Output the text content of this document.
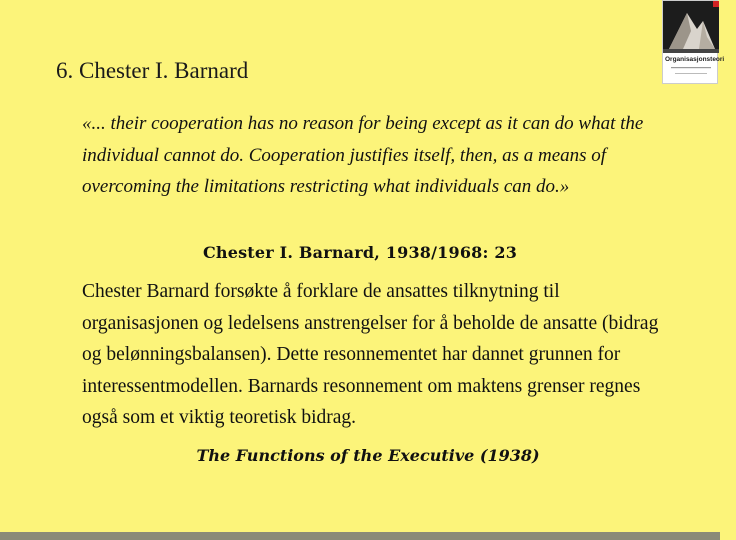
6. Chester I. Barnard

«... their cooperation has no reason for being except as it can do what the individual cannot do. Cooperation justifies itself, then, as a means of overcoming the limitations restricting what individuals can do.»

Chester I. Barnard, 1938/1968: 23

Chester Barnard forsøkte å forklare de ansattes tilknytning til organisasjonen og ledelsens anstrengelser for å beholde de ansatte (bidrag og belønningsbalansen). Dette resonnementet har dannet grunnen for interessentmodellen. Barnards resonnement om maktens grenser regnes også som et viktig teoretisk bidrag.

The Functions of the Executive (1938)
Organisasjonsteori
